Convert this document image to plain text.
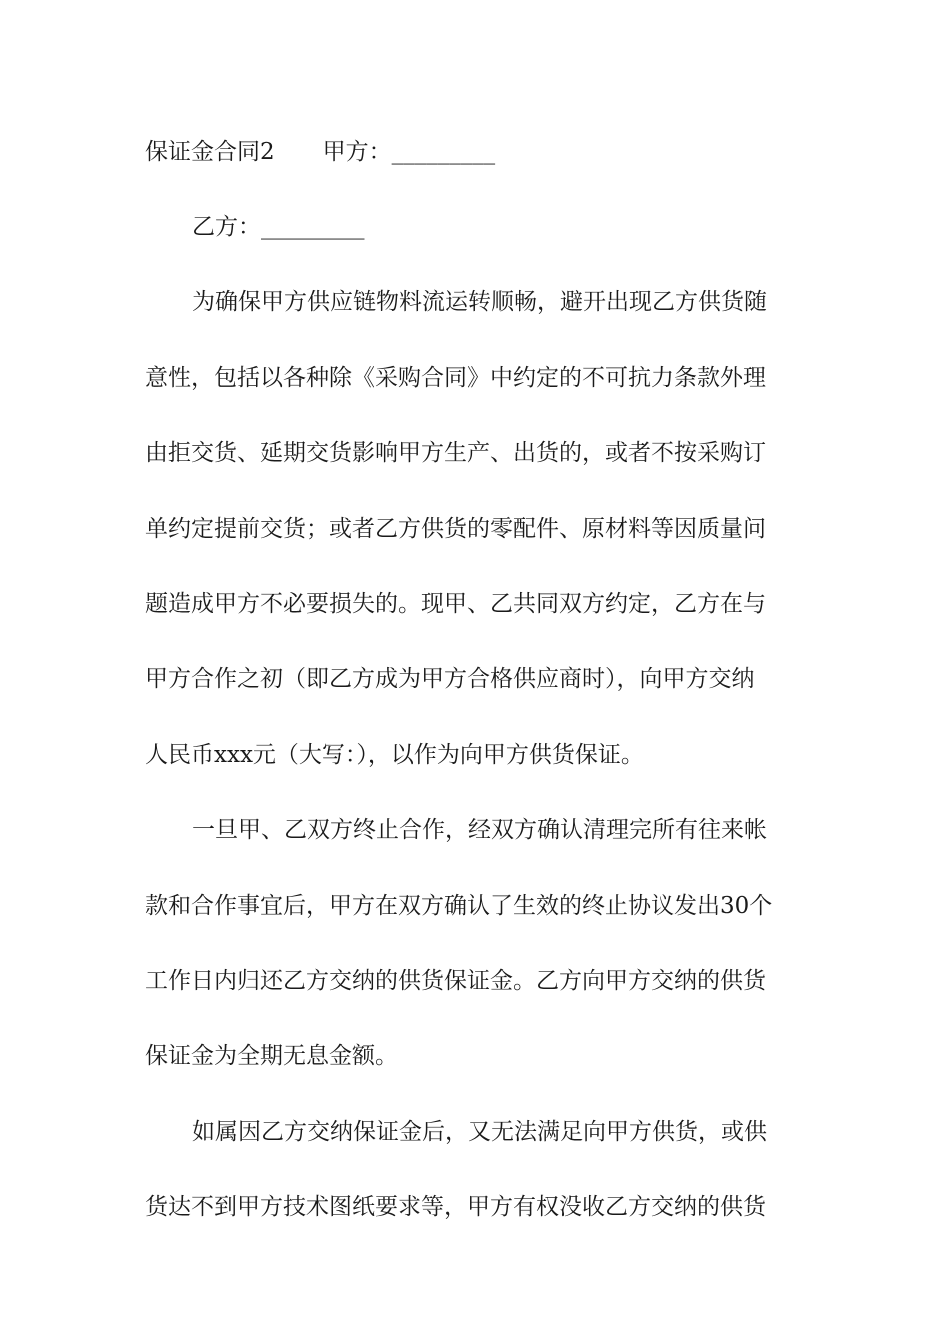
保证金合同2 甲方：_________
乙方：_________
为确保甲方供应链物料流运转顺畅，避开出现乙方供货随
意性，包括以各种除《采购合同》中约定的不可抗力条款外理
由拒交货、延期交货影响甲方生产、出货的，或者不按采购订
单约定提前交货；或者乙方供货的零配件、原材料等因质量问
题造成甲方不必要损失的。现甲、乙共同双方约定，乙方在与
甲方合作之初（即乙方成为甲方合格供应商时），向甲方交纳
人民币xxx元（大写：），以作为向甲方供货保证。
一旦甲、乙双方终止合作，经双方确认清理完所有往来帐
款和合作事宜后，甲方在双方确认了生效的终止协议发出30个
工作日内归还乙方交纳的供货保证金。乙方向甲方交纳的供货
保证金为全期无息金额。
如属因乙方交纳保证金后，又无法满足向甲方供货，或供
货达不到甲方技术图纸要求等，甲方有权没收乙方交纳的供货
